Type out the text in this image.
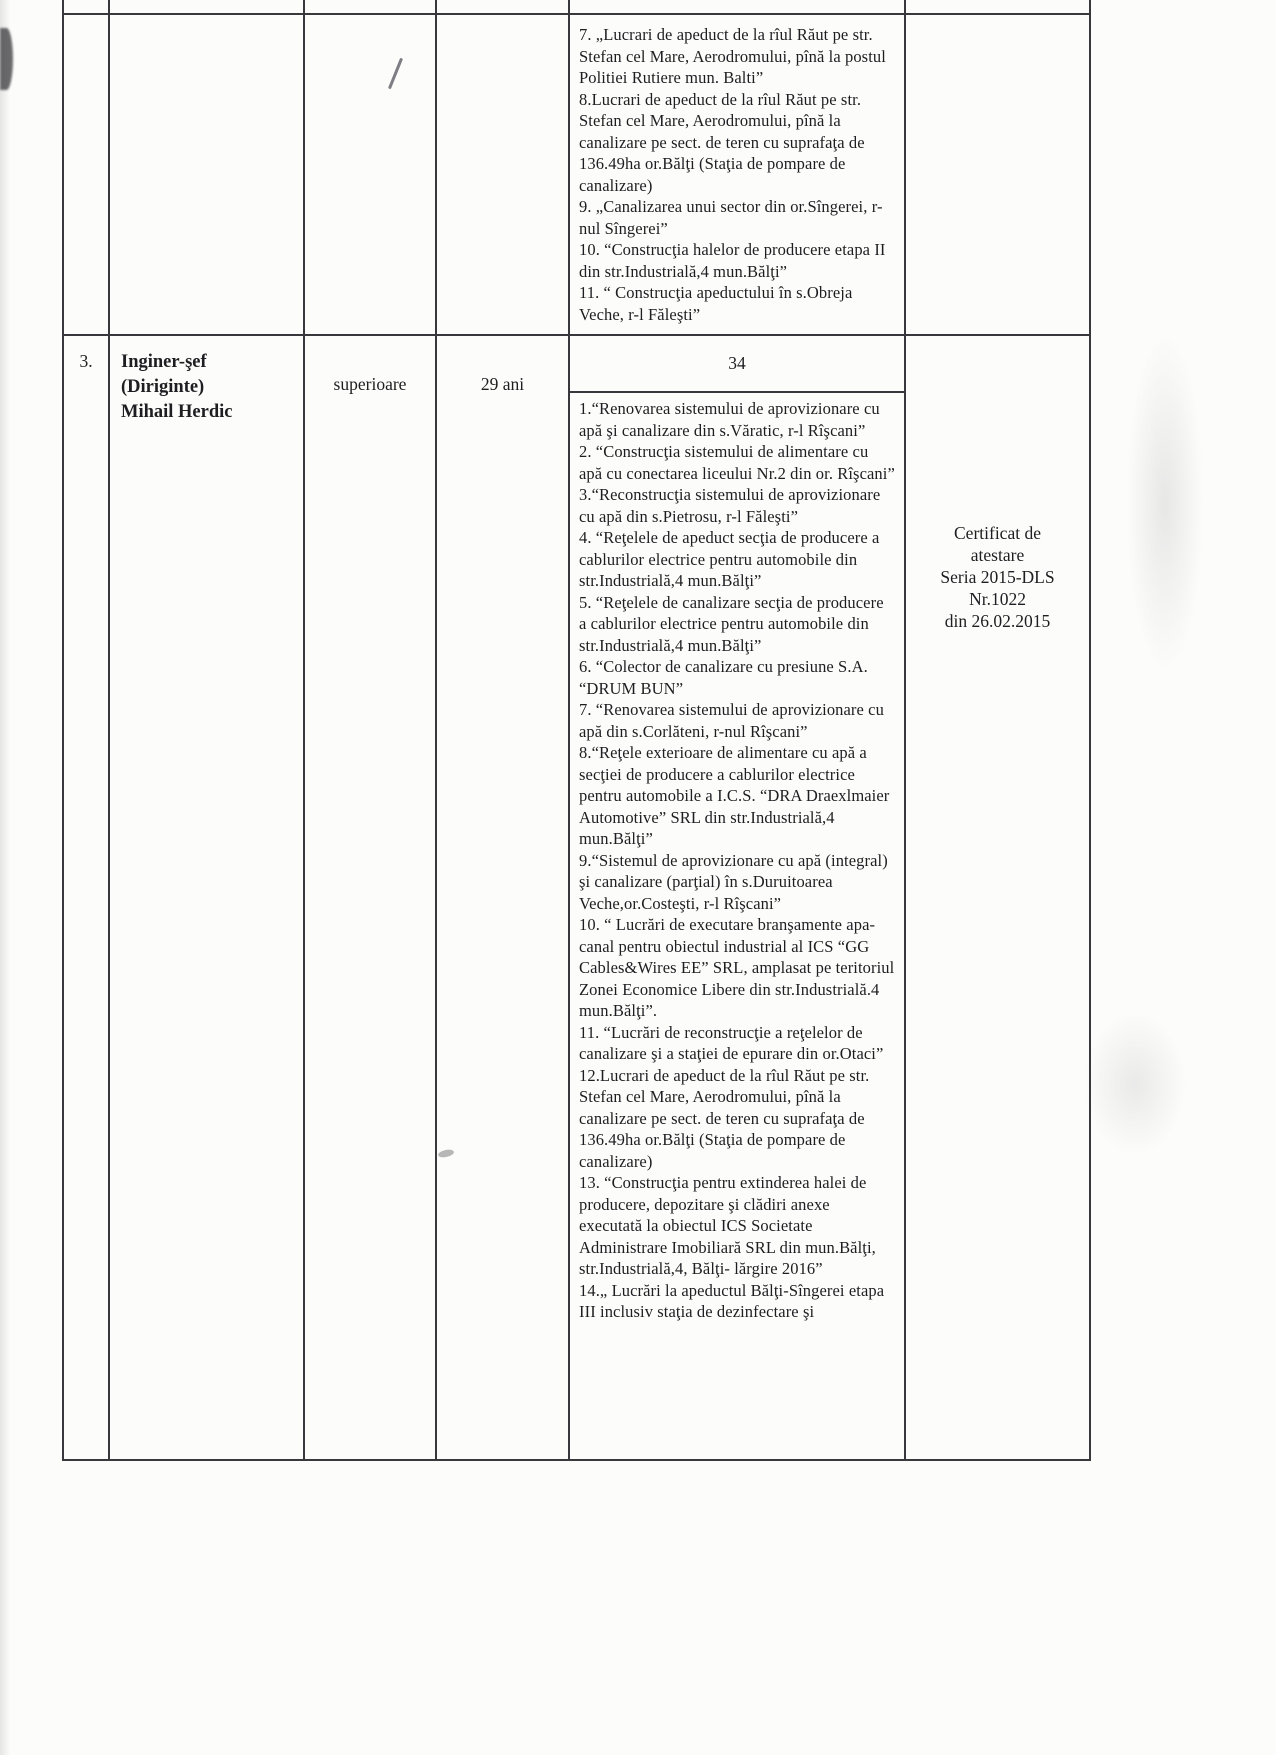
7. „Lucrari de apeduct de la rîul Răut pe str. Stefan cel Mare, Aerodromului, pînă la postul Politiei Rutiere mun. Balti”

8.Lucrari de apeduct de la rîul Răut pe str. Stefan cel Mare, Aerodromului, pînă la canalizare pe sect. de teren cu suprafaţa de 136.49ha or.Bălţi (Staţia de pompare de canalizare)

9. „Canalizarea unui sector din or.Sîngerei, r-nul Sîngerei”

10. “Construcţia halelor de producere etapa II din str.Industrială,4 mun.Bălţi”

11. “ Construcţia apeductului în s.Obreja Veche, r-l Făleşti”

3.	Inginer-şef
(Diriginte)
Mihail Herdic
superioare	29 ani
34

1.“Renovarea sistemului de aprovizionare cu apă şi canalizare din s.Văratic, r-l Rîşcani”

2. “Construcţia sistemului de alimentare cu apă cu conectarea liceului Nr.2 din or. Rîşcani”

3.“Reconstrucţia sistemului de aprovizionare cu apă din s.Pietrosu, r-l Făleşti”

4. “Reţelele de apeduct secţia de producere a cablurilor electrice pentru automobile din str.Industrială,4 mun.Bălţi”

5. “Reţelele de canalizare secţia de producere a cablurilor electrice pentru automobile din str.Industrială,4 mun.Bălţi”

6. “Colector de canalizare cu presiune S.A. “DRUM BUN”

7. “Renovarea sistemului de aprovizionare cu apă din s.Corlăteni, r-nul Rîşcani”

8.“Reţele exterioare de alimentare cu apă a secţiei de producere a cablurilor electrice pentru automobile a I.C.S. “DRA Draexlmaier Automotive” SRL din str.Industrială,4 mun.Bălţi”

9.“Sistemul de aprovizionare cu apă (integral) şi canalizare (parţial) în s.Duruitoarea Veche,or.Costeşti, r-l Rîşcani”

10. “ Lucrări de executare branşamente apa-canal pentru obiectul industrial al ICS “GG Cables&Wires EE” SRL, amplasat pe teritoriul Zonei Economice Libere din str.Industrială.4 mun.Bălţi”.

11. “Lucrări de reconstrucţie a reţelelor de canalizare şi a staţiei de epurare din or.Otaci”

12.Lucrari de apeduct de la rîul Răut pe str. Stefan cel Mare, Aerodromului, pînă la canalizare pe sect. de teren cu suprafaţa de 136.49ha or.Bălţi (Staţia de pompare de canalizare)

13. “Construcţia pentru extinderea halei de producere, depozitare şi clădiri anexe executată la obiectul ICS Societate Administrare Imobiliară SRL din mun.Bălţi, str.Industrială,4, Bălţi- lărgire 2016”

14.„ Lucrări la apeductul Bălţi-Sîngerei etapa III inclusiv staţia de dezinfectare şi

Certificat de
atestare
Seria 2015-DLS
Nr.1022
din 26.02.2015
